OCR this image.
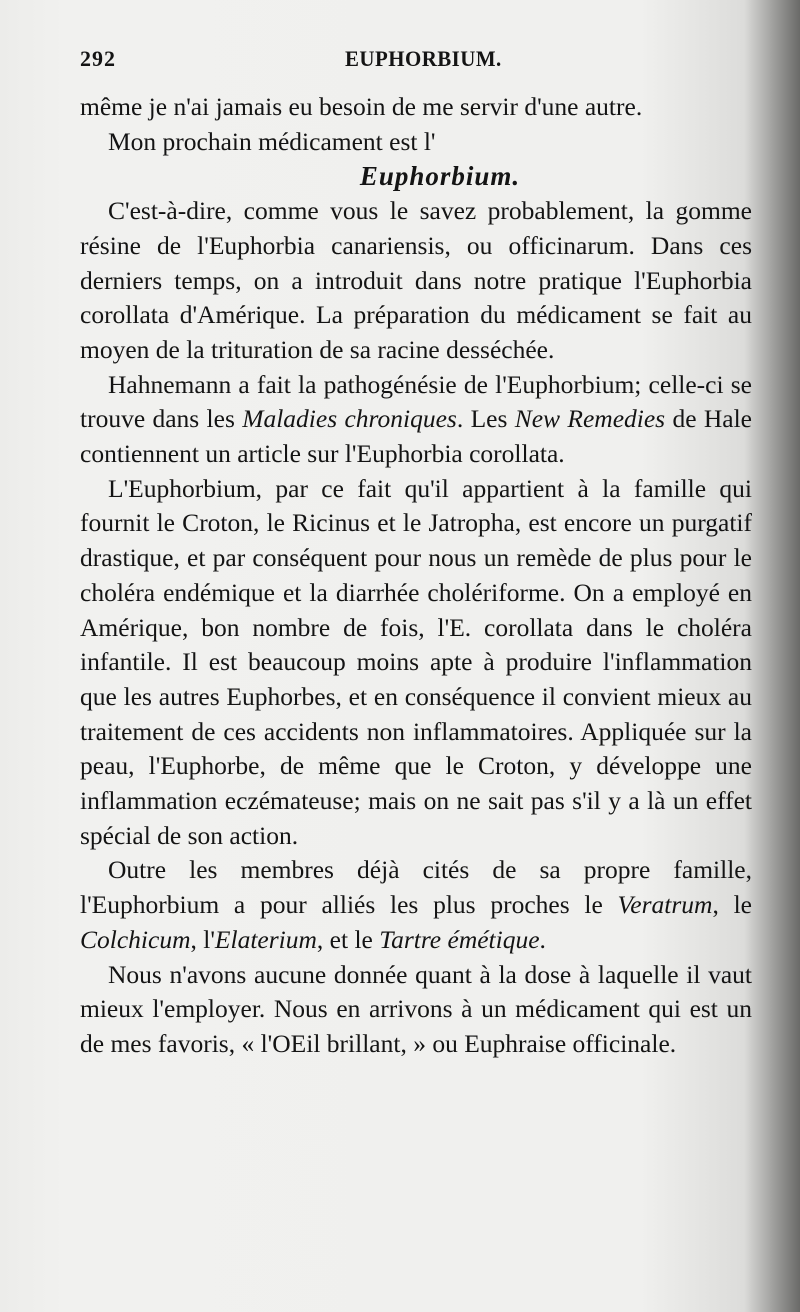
292	EUPHORBIUM.

même je n'ai jamais eu besoin de me servir d'une autre.

Mon prochain médicament est l'

Euphorbium.

C'est-à-dire, comme vous le savez probablement, la gomme résine de l'Euphorbia canariensis, ou officinarum. Dans ces derniers temps, on a introduit dans notre pratique l'Euphorbia corollata d'Amérique. La préparation du médicament se fait au moyen de la trituration de sa racine desséchée.

Hahnemann a fait la pathogénésie de l'Euphorbium; celle-ci se trouve dans les Maladies chroniques. Les New Remedies de Hale contiennent un article sur l'Euphorbia corollata.

L'Euphorbium, par ce fait qu'il appartient à la famille qui fournit le Croton, le Ricinus et le Jatropha, est encore un purgatif drastique, et par conséquent pour nous un remède de plus pour le choléra endémique et la diarrhée cholériforme. On a employé en Amérique, bon nombre de fois, l'E. corollata dans le choléra infantile. Il est beaucoup moins apte à produire l'inflammation que les autres Euphorbes, et en conséquence il convient mieux au traitement de ces accidents non inflammatoires. Appliquée sur la peau, l'Euphorbe, de même que le Croton, y développe une inflammation eczémateuse; mais on ne sait pas s'il y a là un effet spécial de son action.

Outre les membres déjà cités de sa propre famille, l'Euphorbium a pour alliés les plus proches le Veratrum, le Colchicum, l'Elaterium, et le Tartre émétique.

Nous n'avons aucune donnée quant à la dose à laquelle il vaut mieux l'employer. Nous en arrivons à un médicament qui est un de mes favoris, « l'OEil brillant, » ou Euphraise officinale.
